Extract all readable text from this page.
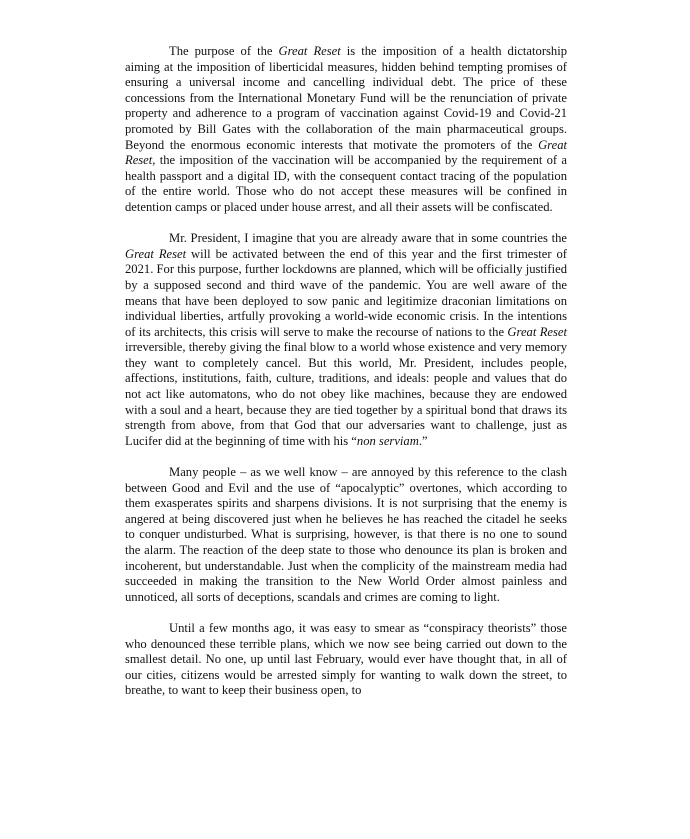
The purpose of the Great Reset is the imposition of a health dictatorship aiming at the imposition of liberticidal measures, hidden behind tempting promises of ensuring a universal income and cancelling individual debt. The price of these concessions from the International Monetary Fund will be the renunciation of private property and adherence to a program of vaccination against Covid-19 and Covid-21 promoted by Bill Gates with the collaboration of the main pharmaceutical groups. Beyond the enormous economic interests that motivate the promoters of the Great Reset, the imposition of the vaccination will be accompanied by the requirement of a health passport and a digital ID, with the consequent contact tracing of the population of the entire world. Those who do not accept these measures will be confined in detention camps or placed under house arrest, and all their assets will be confiscated.

Mr. President, I imagine that you are already aware that in some countries the Great Reset will be activated between the end of this year and the first trimester of 2021. For this purpose, further lockdowns are planned, which will be officially justified by a supposed second and third wave of the pandemic. You are well aware of the means that have been deployed to sow panic and legitimize draconian limitations on individual liberties, artfully provoking a world-wide economic crisis. In the intentions of its architects, this crisis will serve to make the recourse of nations to the Great Reset irreversible, thereby giving the final blow to a world whose existence and very memory they want to completely cancel. But this world, Mr. President, includes people, affections, institutions, faith, culture, traditions, and ideals: people and values that do not act like automatons, who do not obey like machines, because they are endowed with a soul and a heart, because they are tied together by a spiritual bond that draws its strength from above, from that God that our adversaries want to challenge, just as Lucifer did at the beginning of time with his “non serviam.”

Many people – as we well know – are annoyed by this reference to the clash between Good and Evil and the use of “apocalyptic” overtones, which according to them exasperates spirits and sharpens divisions. It is not surprising that the enemy is angered at being discovered just when he believes he has reached the citadel he seeks to conquer undisturbed. What is surprising, however, is that there is no one to sound the alarm. The reaction of the deep state to those who denounce its plan is broken and incoherent, but understandable. Just when the complicity of the mainstream media had succeeded in making the transition to the New World Order almost painless and unnoticed, all sorts of deceptions, scandals and crimes are coming to light.

Until a few months ago, it was easy to smear as “conspiracy theorists” those who denounced these terrible plans, which we now see being carried out down to the smallest detail. No one, up until last February, would ever have thought that, in all of our cities, citizens would be arrested simply for wanting to walk down the street, to breathe, to want to keep their business open, to
